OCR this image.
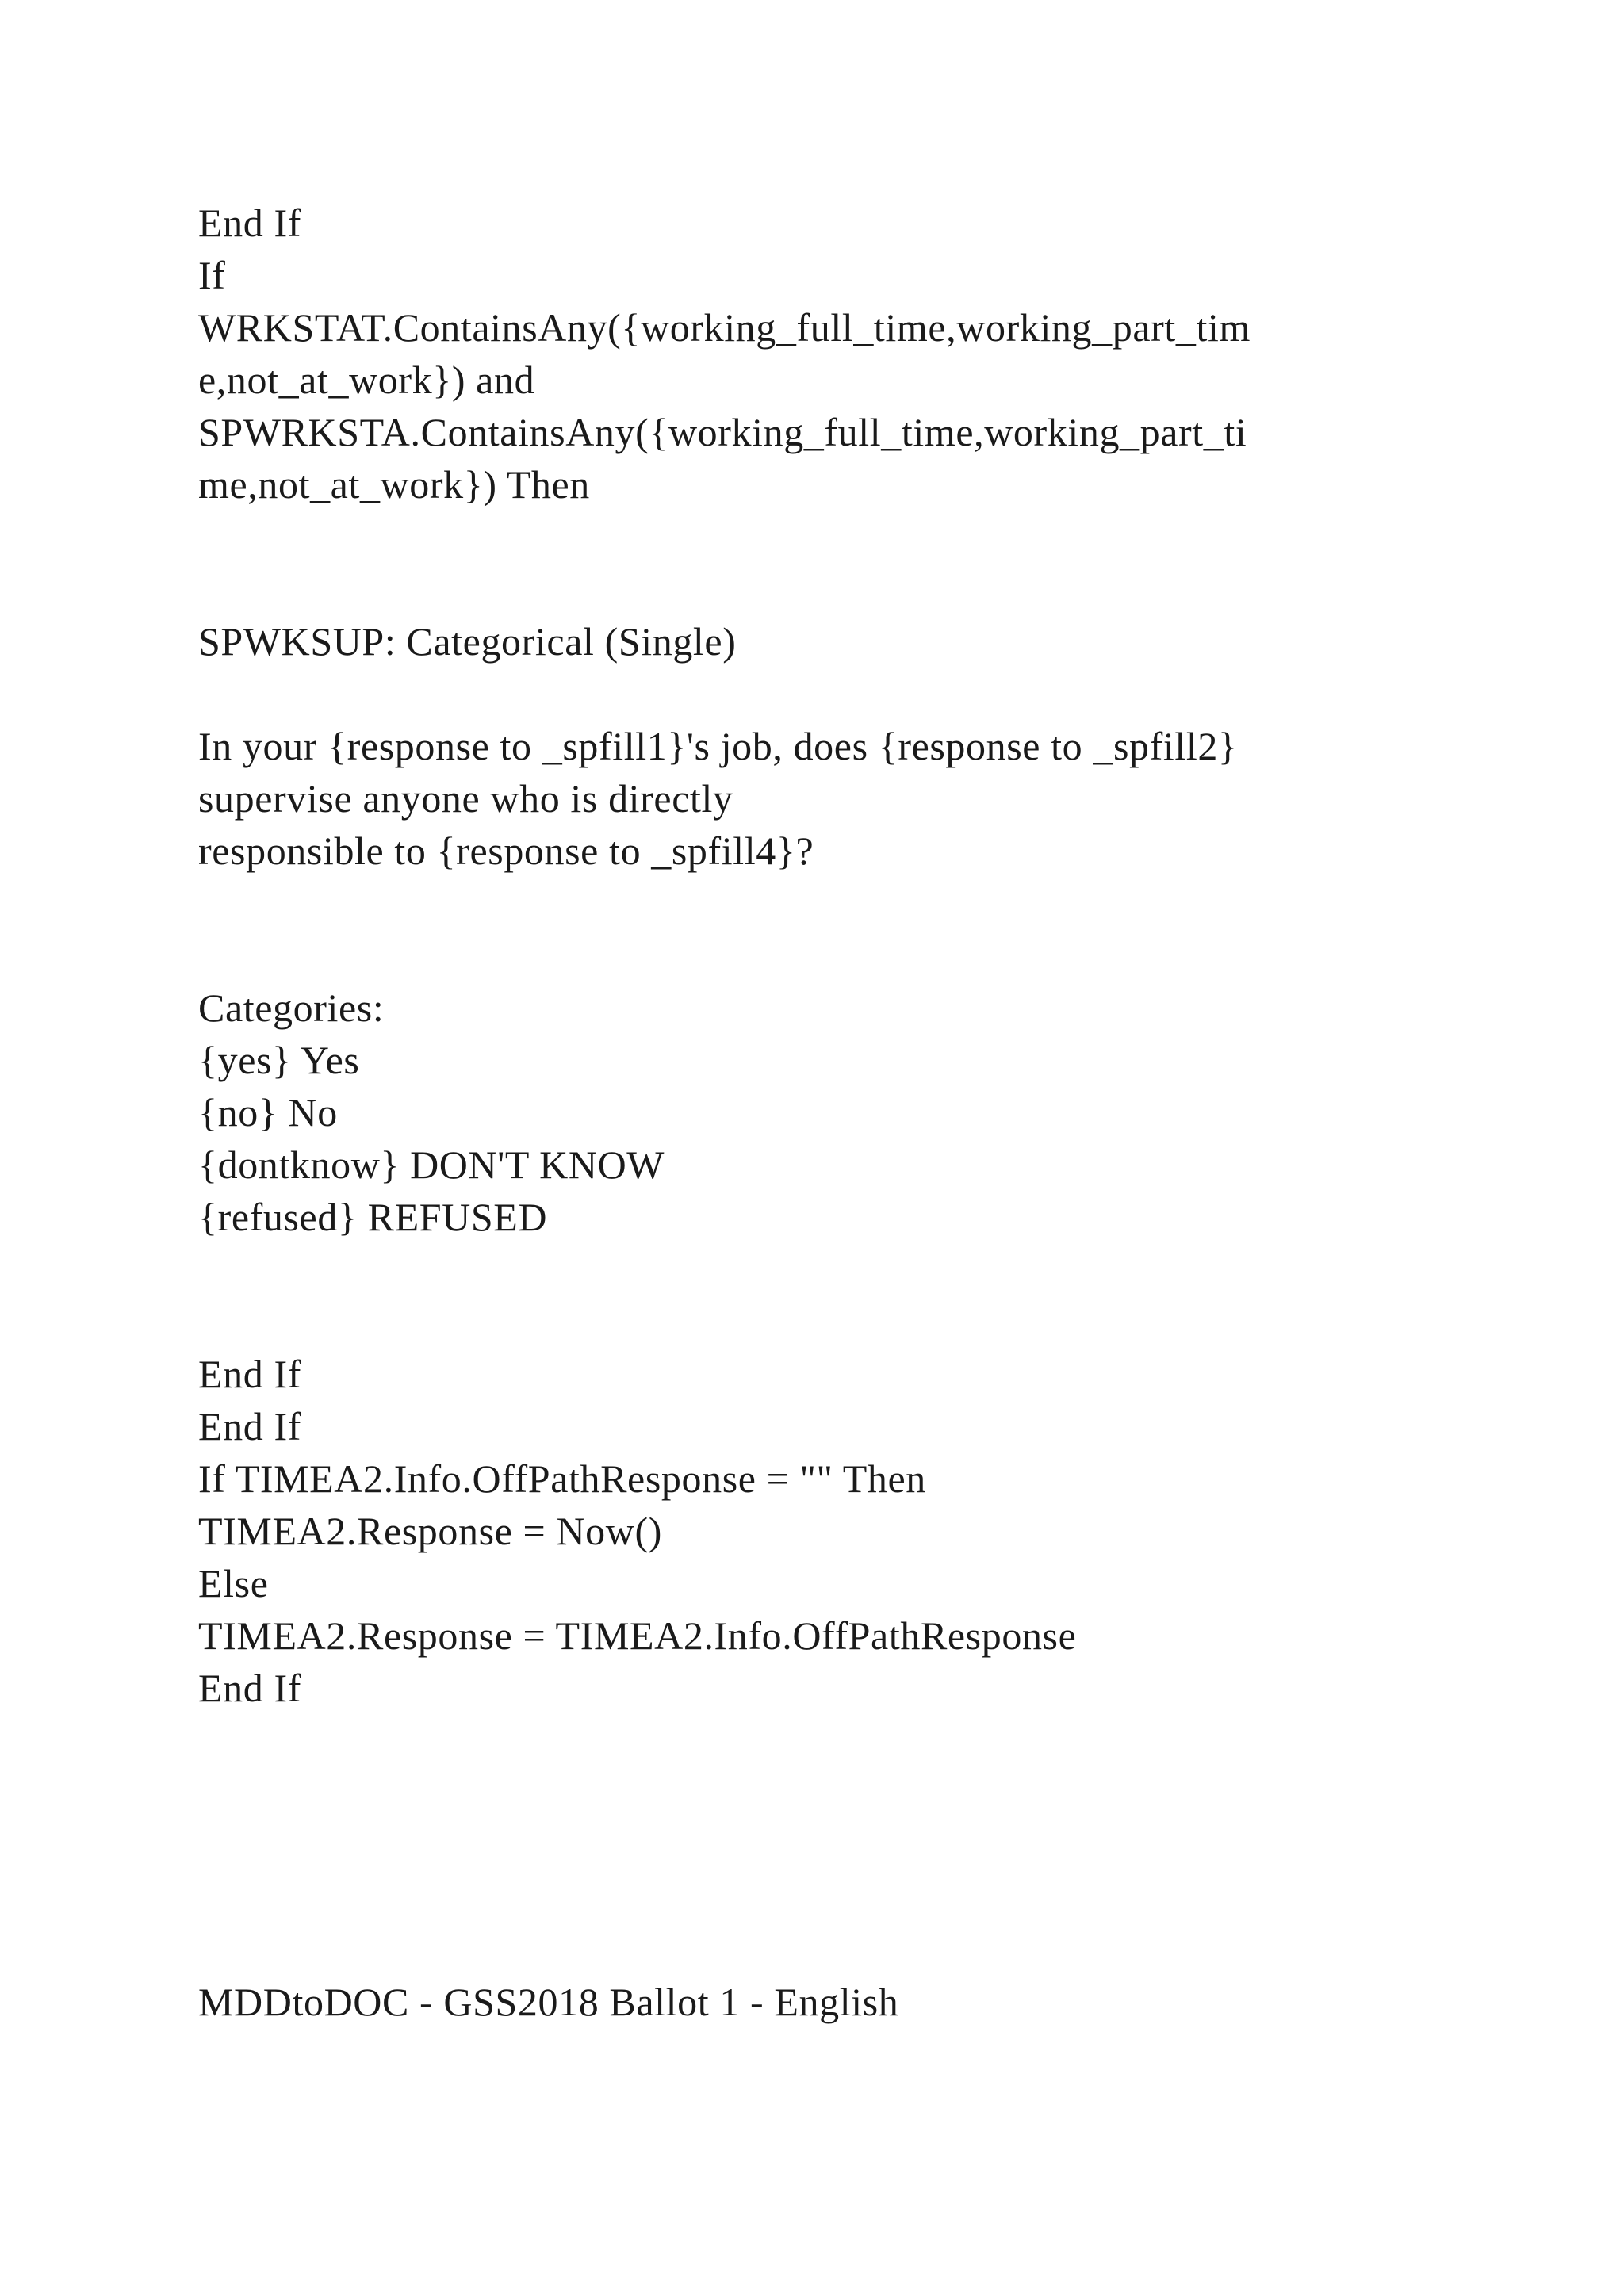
End If
If
WRKSTAT.ContainsAny({working_full_time,working_part_tim
e,not_at_work}) and
SPWRKSTA.ContainsAny({working_full_time,working_part_ti
me,not_at_work}) Then
SPWKSUP: Categorical (Single)
In your {response to _spfill1}'s job, does {response to _spfill2}
supervise anyone who is directly
responsible to {response to _spfill4}?
Categories:
{yes} Yes
{no} No
{dontknow} DON'T KNOW
{refused} REFUSED
End If
End If
If TIMEA2.Info.OffPathResponse = "" Then
TIMEA2.Response = Now()
Else
TIMEA2.Response = TIMEA2.Info.OffPathResponse
End If
MDDtoDOC - GSS2018 Ballot 1 - English
